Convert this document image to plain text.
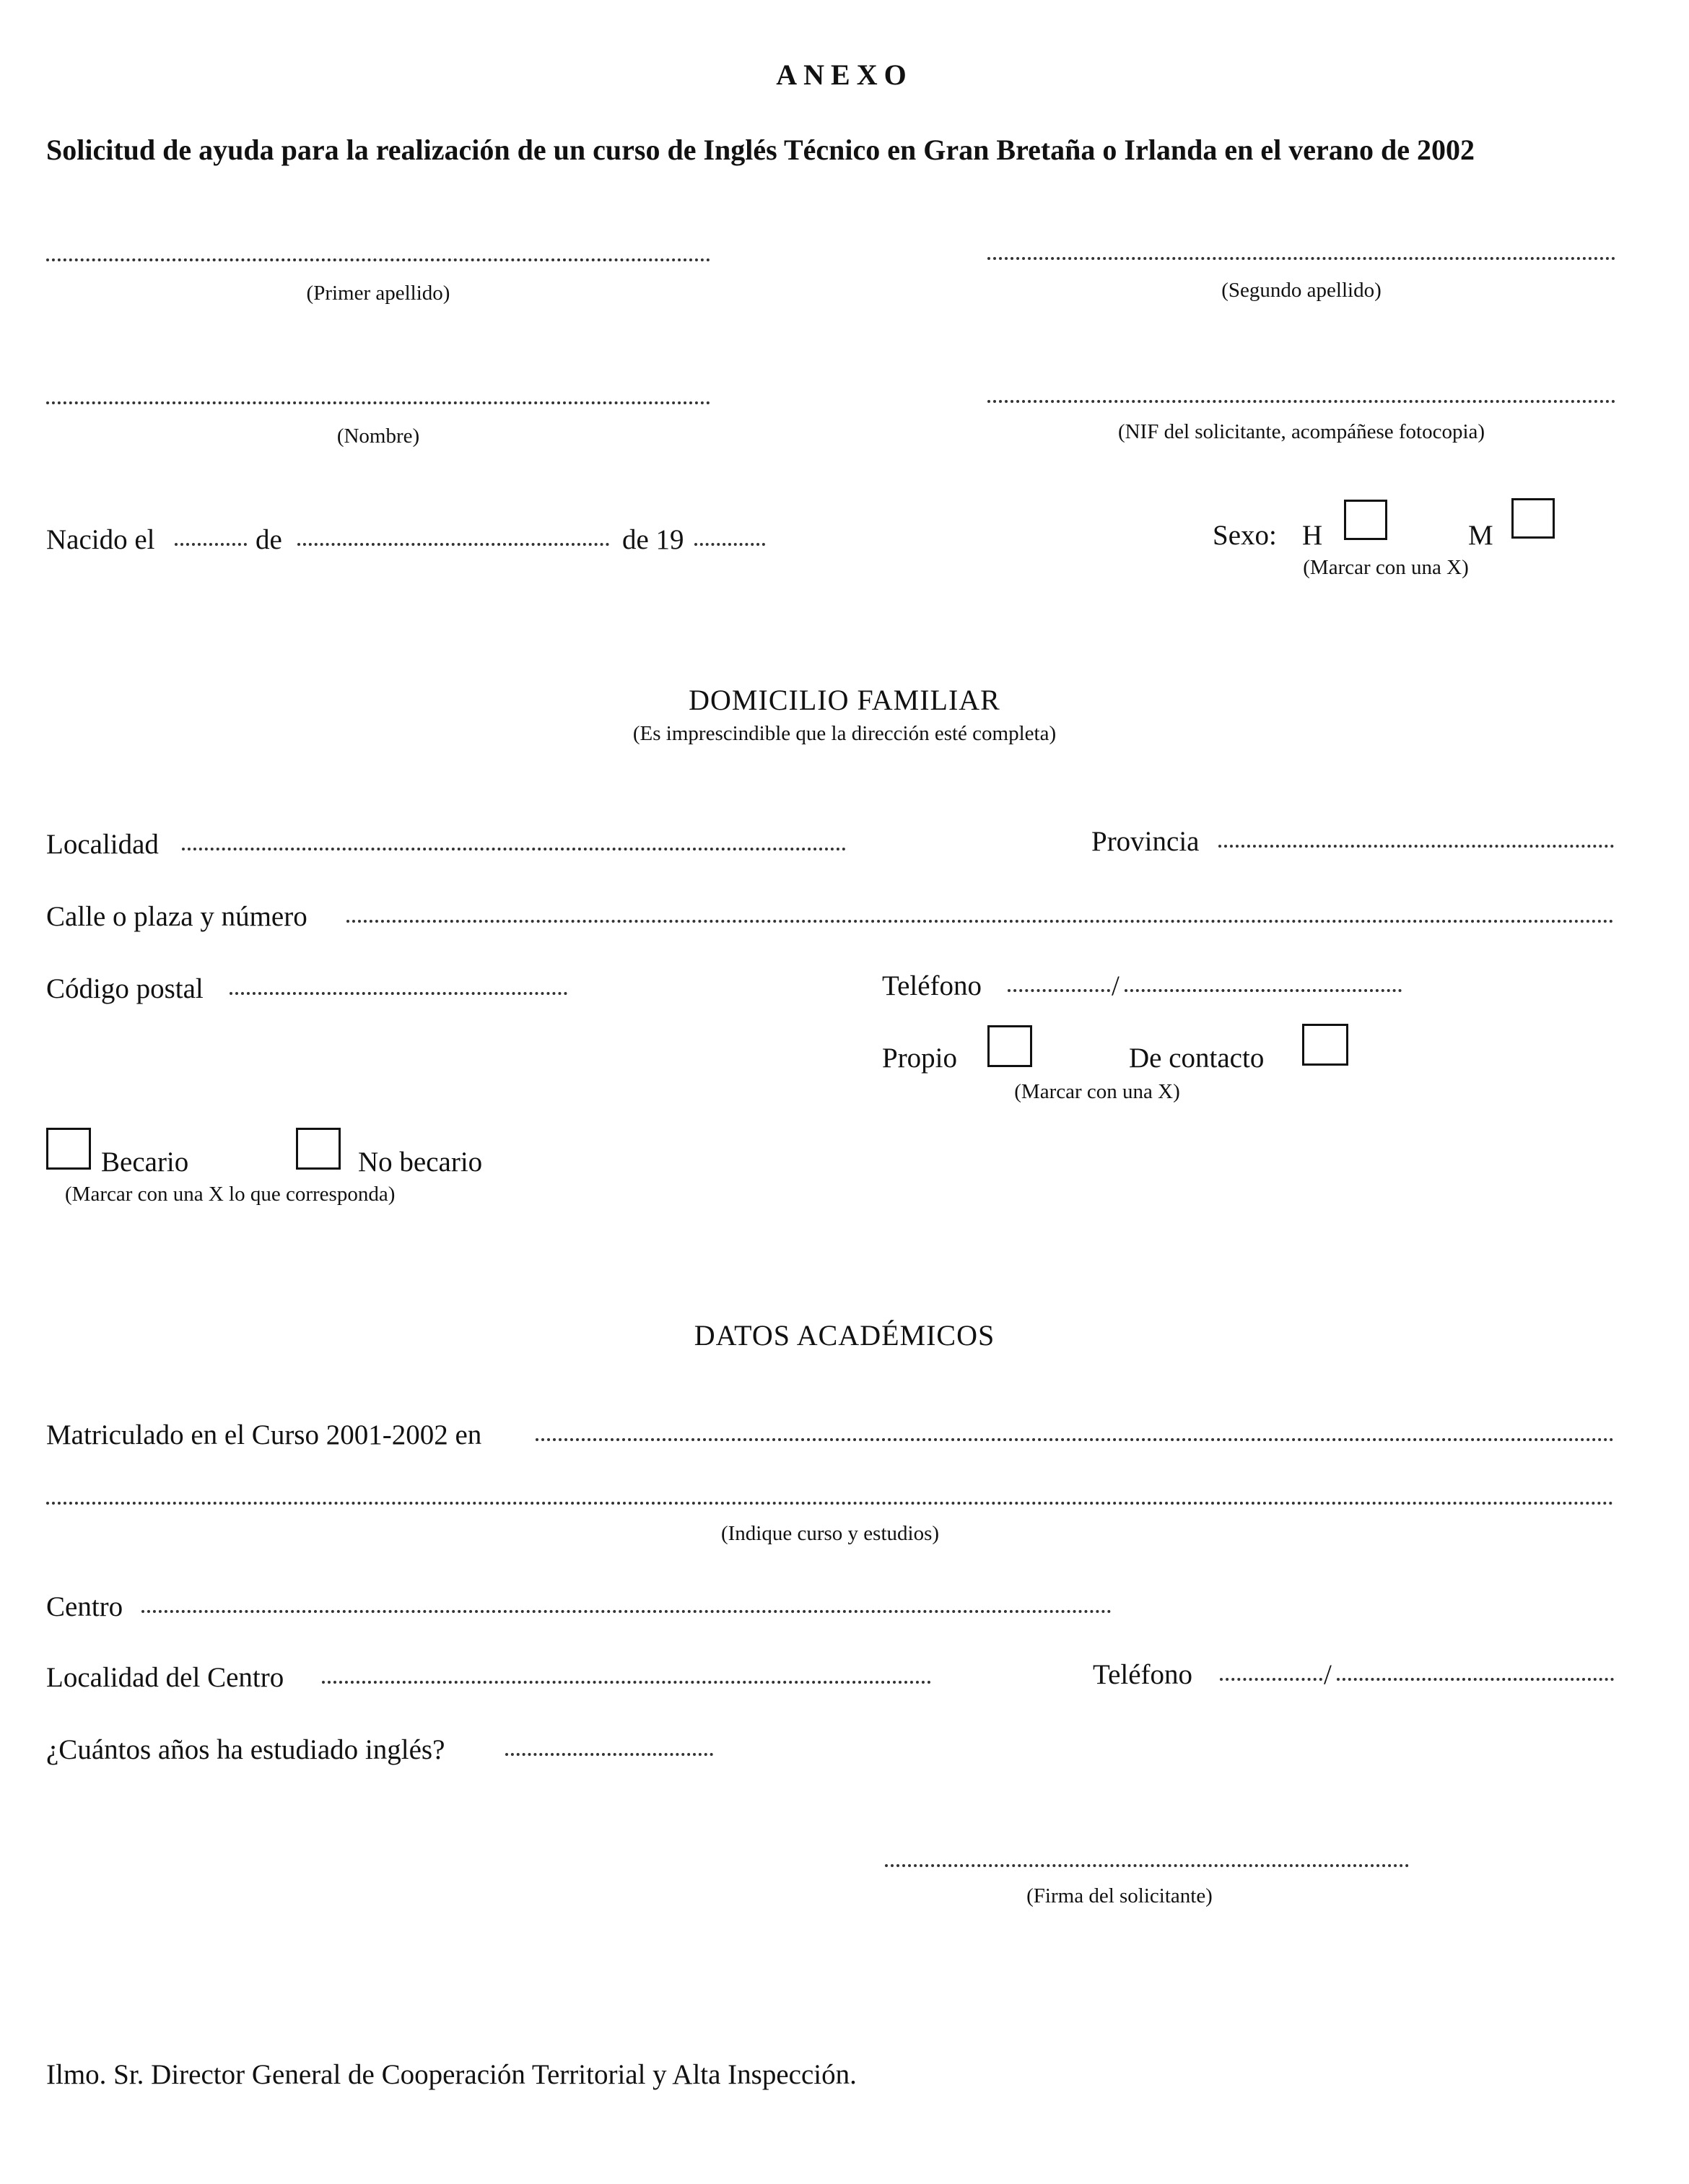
ANEXO
Solicitud de ayuda para la realización de un curso de Inglés Técnico en Gran Bretaña o Irlanda en el verano de 2002
(Primer apellido)	(Segundo apellido)
(Nombre)	(NIF del solicitante, acompáñese fotocopia)
Nacido el	de	de 19	Sexo: H	M
(Marcar con una X)
DOMICILIO FAMILIAR
(Es imprescindible que la dirección esté completa)
Localidad	Provincia
Calle o plaza y número
Código postal	Teléfono	/
Propio	De contacto
(Marcar con una X)
Becario	No becario
(Marcar con una X lo que corresponda)
DATOS ACADÉMICOS
Matriculado en el Curso 2001-2002 en
(Indique curso y estudios)
Centro
Localidad del Centro	Teléfono	/
¿Cuántos años ha estudiado inglés?
(Firma del solicitante)
Ilmo. Sr. Director General de Cooperación Territorial y Alta Inspección.
